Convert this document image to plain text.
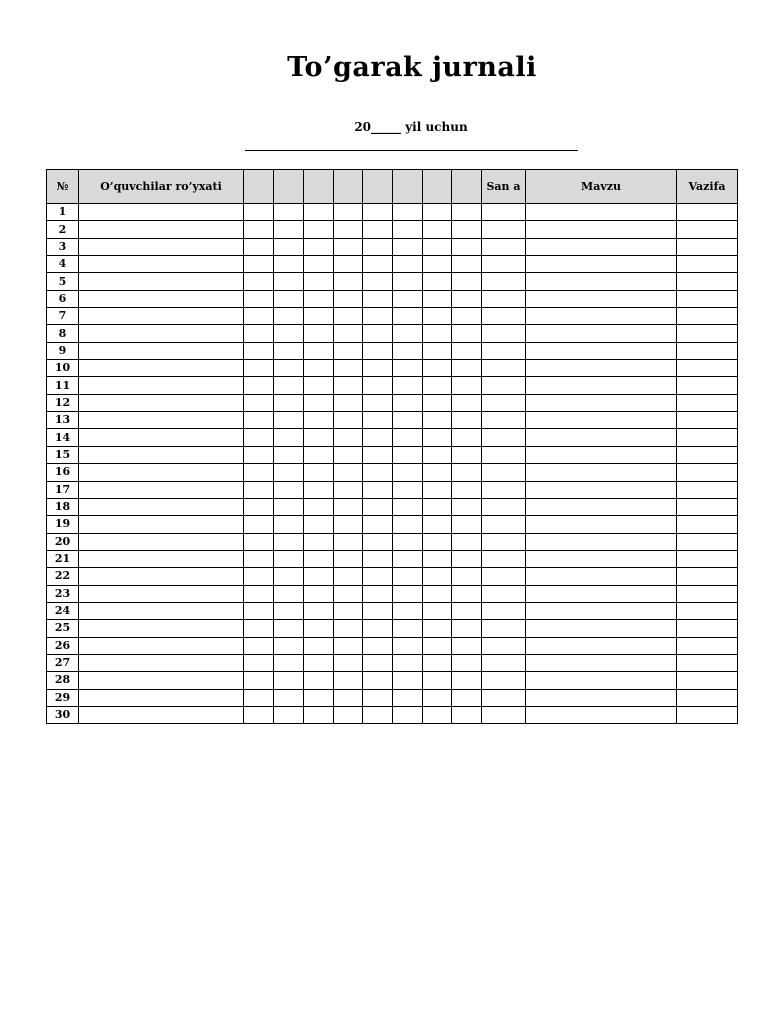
To’garak jurnali
20_____ yil uchun
№	O’quvchilar ro’yxati									San a	Mavzu	Vazifa
1												
2												
3												
4												
5												
6												
7												
8												
9												
10												
11												
12												
13												
14												
15												
16												
17												
18												
19												
20												
21												
22												
23												
24												
25												
26												
27												
28												
29												
30												
